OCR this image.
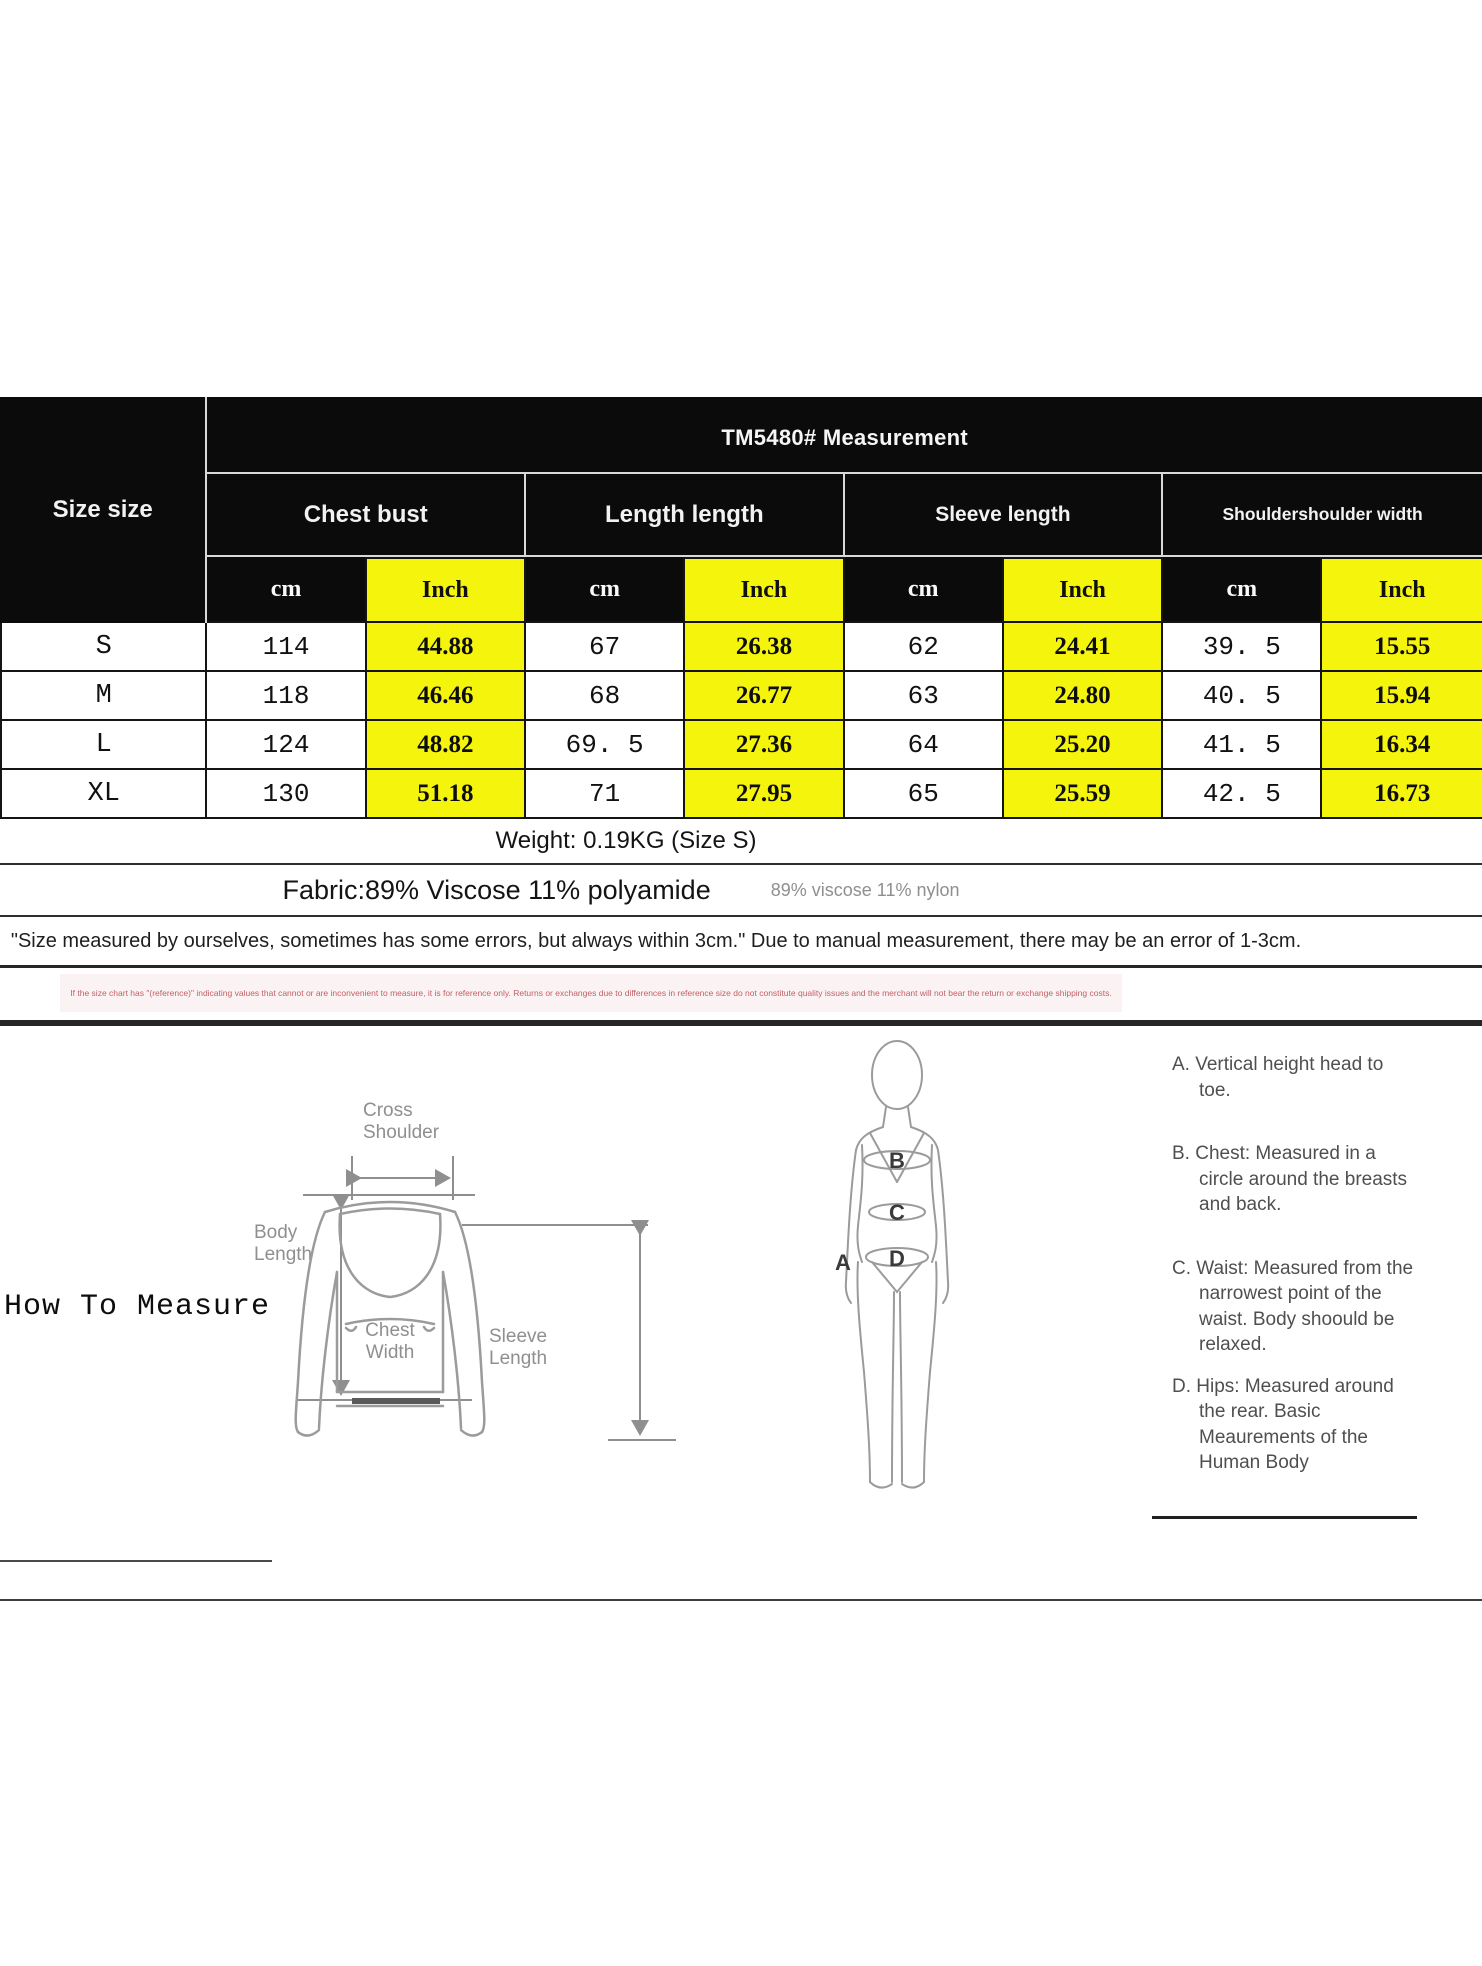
Size size	TM5480# Measurement							
	Chest bust		Length length		Sleeve length		Shouldershoulder width	
	cm	Inch	cm	Inch	cm	Inch	cm	Inch
S	114	44.88	67	26.38	62	24.41	39. 5	15.55
M	118	46.46	68	26.77	63	24.80	40. 5	15.94
L	124	48.82	69. 5	27.36	64	25.20	41. 5	16.34
XL	130	51.18	71	27.95	65	25.59	42. 5	16.73
Weight: 0.19KG (Size S)
Fabric:89% Viscose 11% polyamide	89% viscose 11% nylon
"Size measured by ourselves, sometimes has some errors, but always within 3cm." Due to manual measurement, there may be an error of 1-3cm.
If the size chart has "(reference)" indicating values that cannot or are inconvenient to measure, it is for reference only. Returns or exchanges due to differences in reference size do not constitute quality issues and the merchant will not bear the return or exchange shipping costs.
How To Measure
Cross
Shoulder
Body
Length
Chest
Width
Sleeve
Length
A
B
C
D
A. Vertical height head to toe.
B. Chest: Measured in a circle around the breasts and back.
C. Waist: Measured from the narrowest point of the waist. Body shoould be relaxed.
D. Hips: Measured around the rear. Basic Meaurements of the Human Body
